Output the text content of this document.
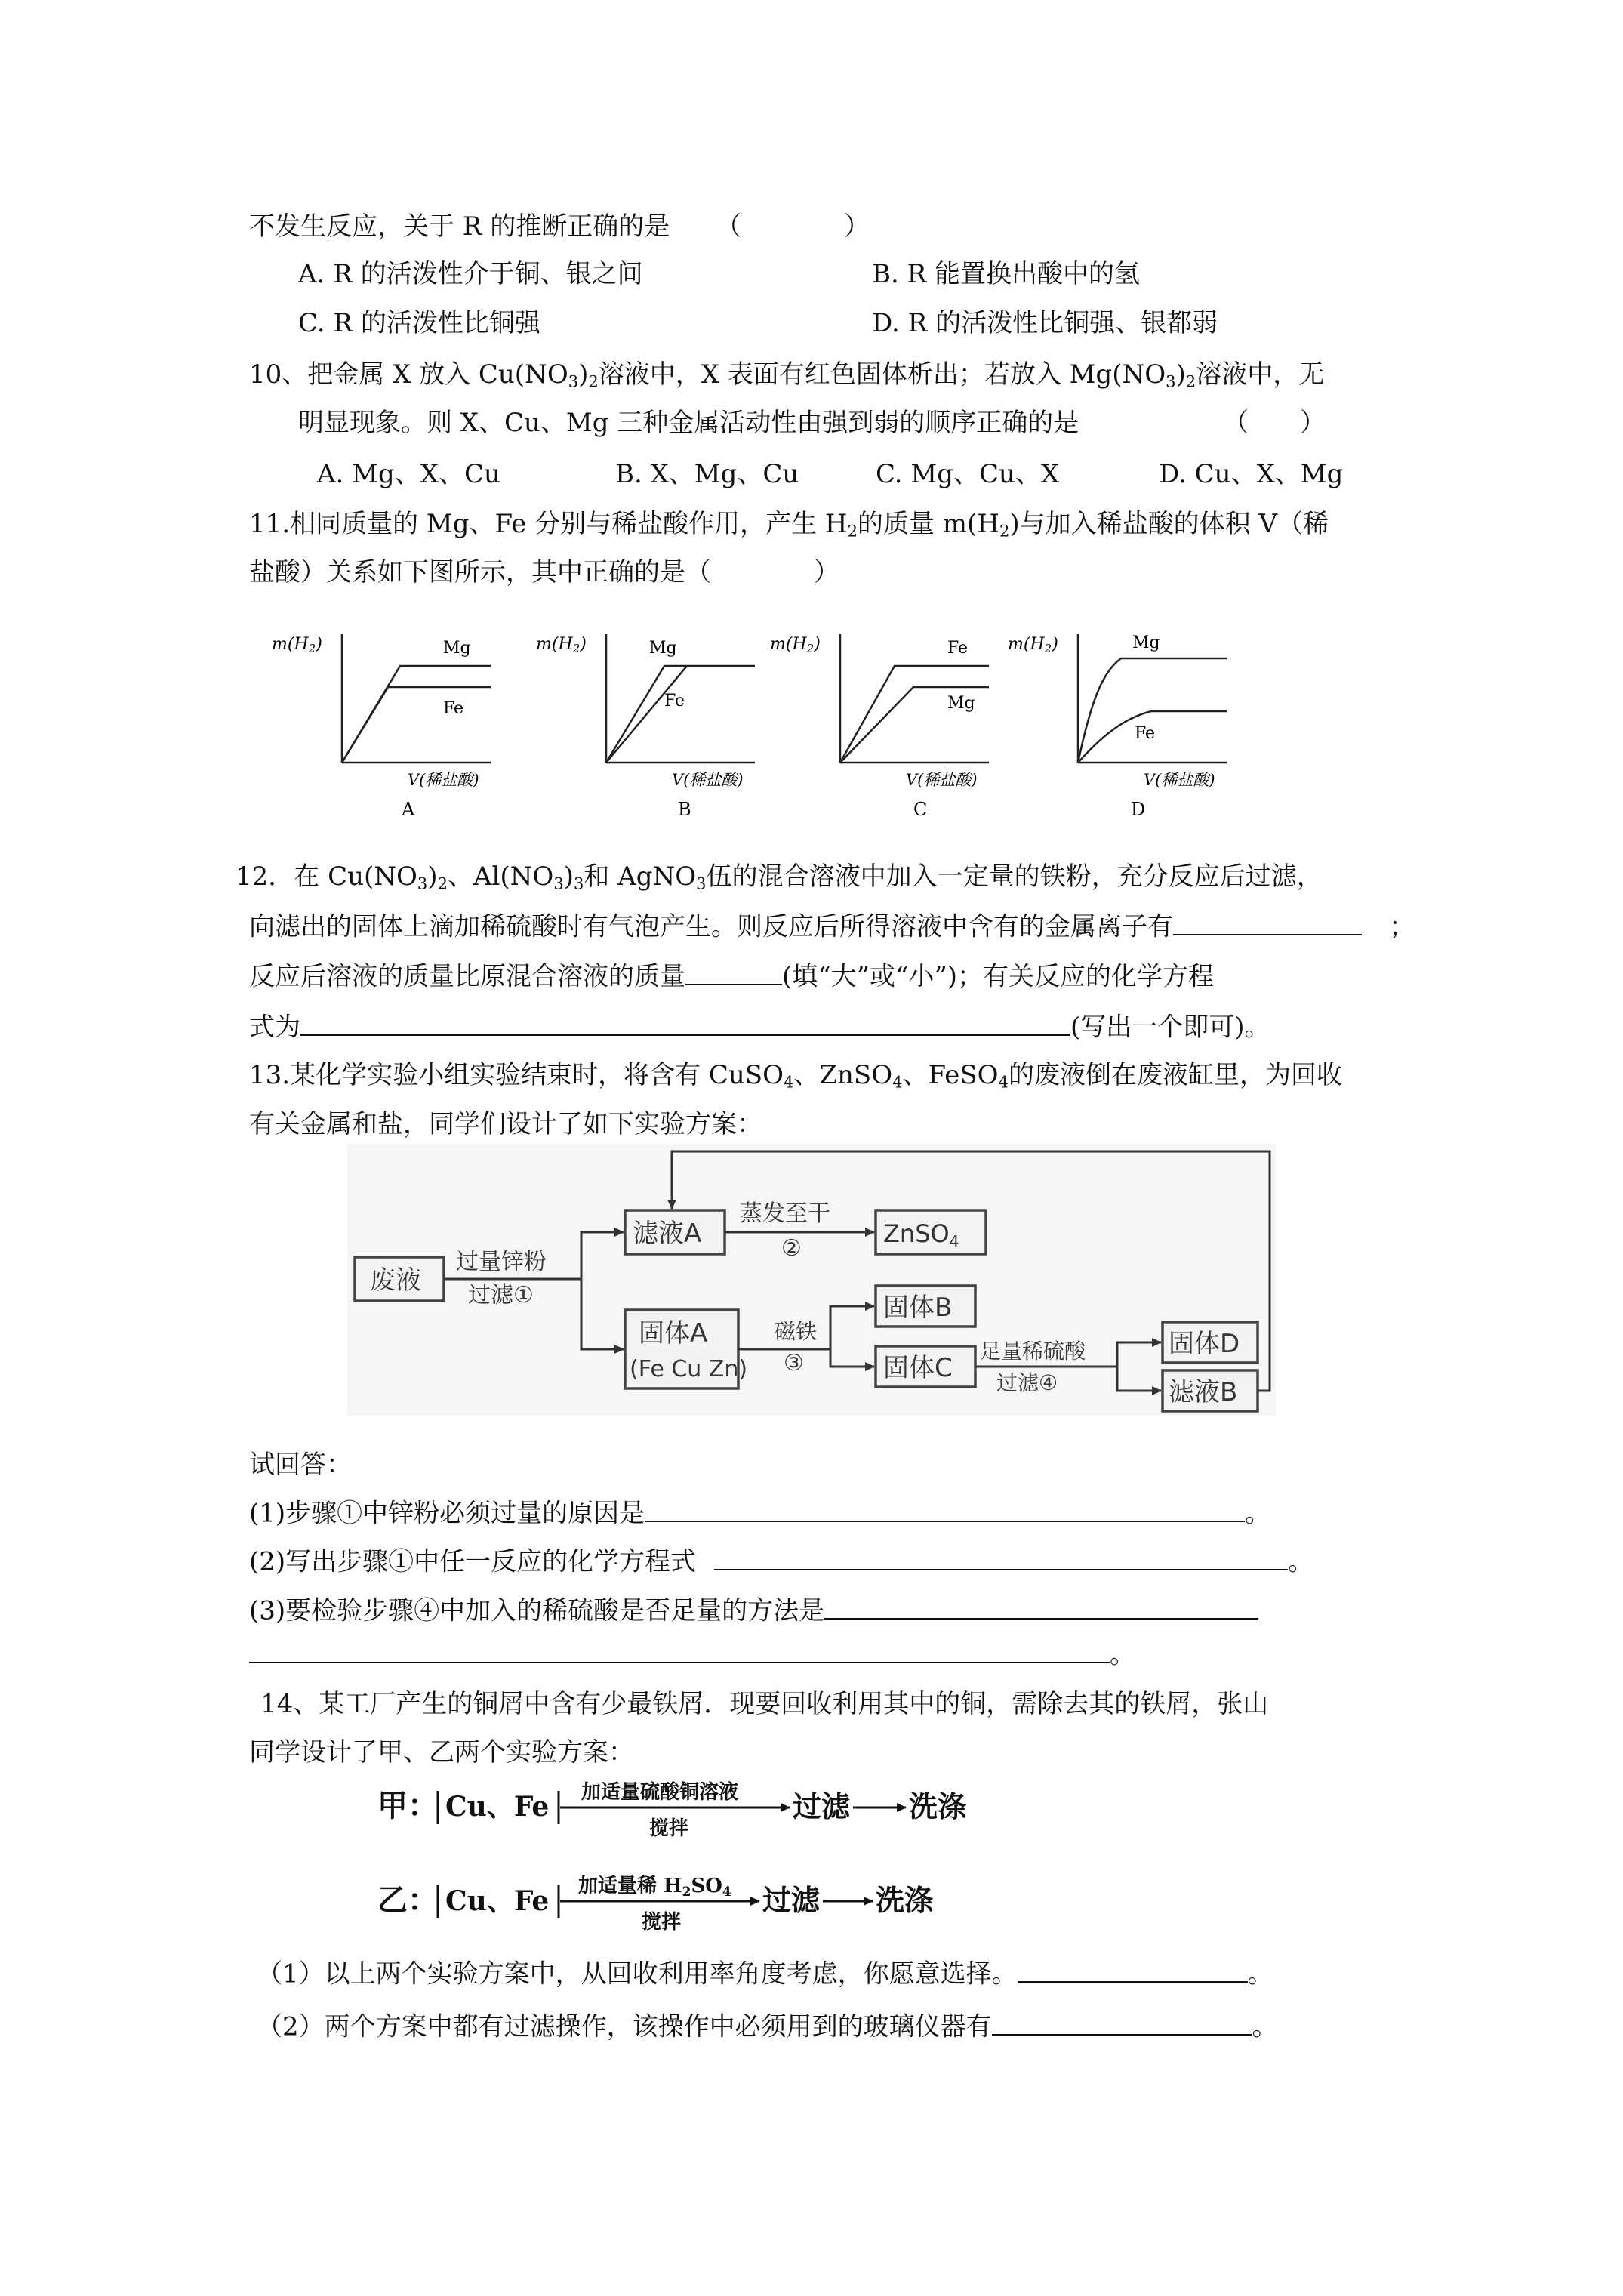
不发生反应，关于 R 的推断正确的是 （　　　　）
A. R 的活泼性介于铜、银之间	B. R 能置换出酸中的氢
C. R 的活泼性比铜强	D. R 的活泼性比铜强、银都弱
10、把金属 X 放入 $Cu(NO_3)_2$溶液中，X 表面有红色固体析出；若放入 $Mg(NO_3)_2$溶液中，无
明显现象。则 X、Cu、Mg 三种金属活动性由强到弱的顺序正确的是	（　　）
A. Mg、X、Cu	B. X、Mg、Cu	C. Mg、Cu、X	D. Cu、X、Mg
11.相同质量的 Mg、Fe 分别与稀盐酸作用，产生 $H_2$的质量 $m(H_2)$与加入稀盐酸的体积 V（稀
盐酸）关系如下图所示，其中正确的是（　　　　）
m(H2)	Mg
Fe
V(稀盐酸)
A
m(H2)	Mg
Fe
V(稀盐酸)
B
m(H2)
Mg
Fe
V(稀盐酸)
C
m(H2)	Mg
Fe
V(稀盐酸)
D
12．在 $Cu(NO_3)_2$、$Al(NO_3)_3$和 AgNO$_3$伍的混合溶液中加入一定量的铁粉，充分反应后过滤，
向滤出的固体上滴加稀硫酸时有气泡产生。则反应后所得溶液中含有的金属离子有	；
反应后溶液的质量比原混合溶液的质量	(填“大”或“小”)；有关反应的化学方程
式为	(写出一个即可)。
13.某化学实验小组实验结束时，将含有 CuSO$_4$、ZnSO$_4$、FeSO$_4$的废液倒在废液缸里，为回收
有关金属和盐，同学们设计了如下实验方案：
废液
过量锌粉
过滤①
滤液A
蒸发至干
②
ZnSO4
固体A
(Fe Cu Zn)
磁铁
③
固体B
固体C
足量稀硫酸
过滤④
固体D
滤液B
试回答：
(1)步骤①中锌粉必须过量的原因是	。
(2)写出步骤①中任一反应的化学方程式	。
(3)要检验步骤④中加入的稀硫酸是否足量的方法是
。
14、某工厂产生的铜屑中含有少最铁屑．现要回收利用其中的铜，需除去其的铁屑，张山
同学设计了甲、乙两个实验方案：
甲： Cu、Fe 加适量硫酸铜溶液
搅拌
过滤 洗涤
乙： Cu、Fe 加适量稀 H2SO4
搅拌
过滤 洗涤
（1）以上两个实验方案中，从回收利用率角度考虑，你愿意选择。	。
（2）两个方案中都有过滤操作，该操作中必须用到的玻璃仪器有	。
